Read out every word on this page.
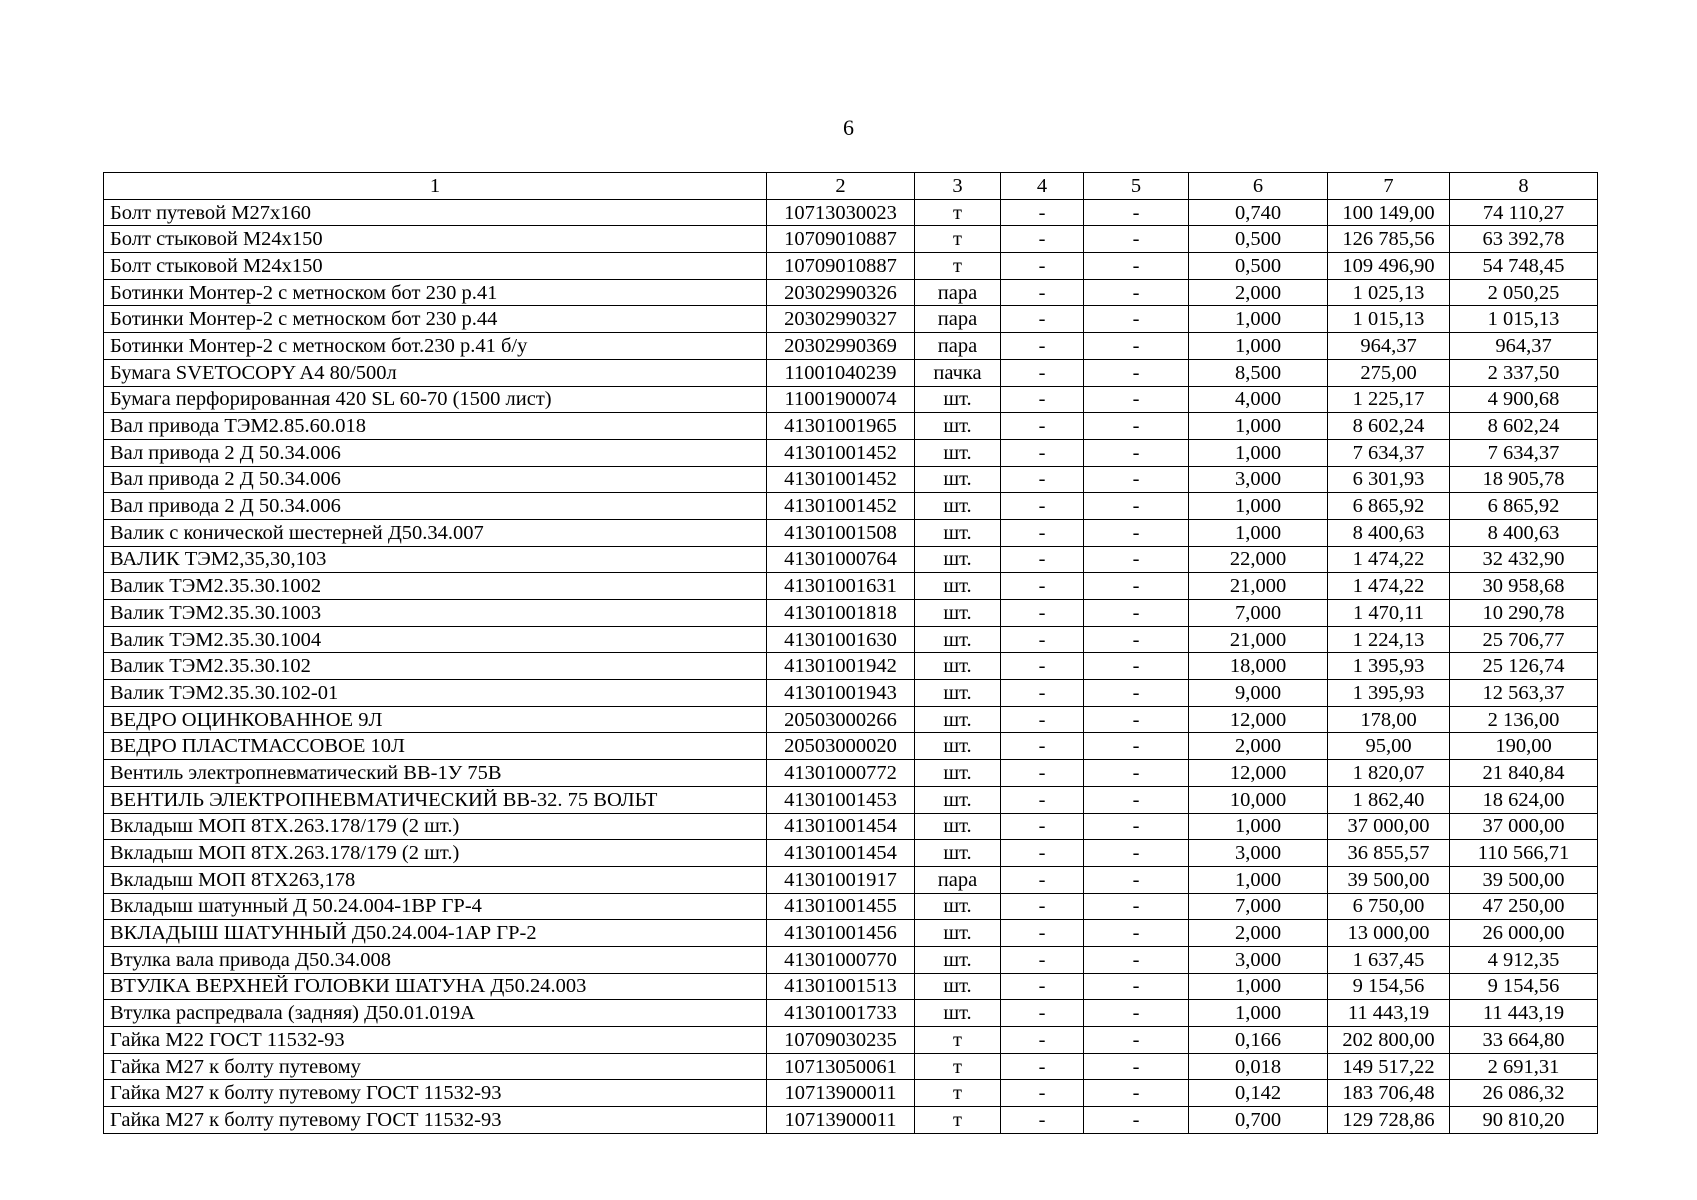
6
1	2	3	4	5	6	7	8
Болт путевой М27х160	10713030023	т	-	-	0,740	100 149,00	74 110,27
Болт стыковой М24х150	10709010887	т	-	-	0,500	126 785,56	63 392,78
Болт стыковой М24х150	10709010887	т	-	-	0,500	109 496,90	54 748,45
Ботинки Монтер-2 с метноском бот 230 р.41	20302990326	пара	-	-	2,000	1 025,13	2 050,25
Ботинки Монтер-2 с метноском бот 230 р.44	20302990327	пара	-	-	1,000	1 015,13	1 015,13
Ботинки Монтер-2 с метноском бот.230 р.41 б/у	20302990369	пара	-	-	1,000	964,37	964,37
Бумага SVETOCOPY A4 80/500л	11001040239	пачка	-	-	8,500	275,00	2 337,50
Бумага перфорированная 420 SL 60-70 (1500 лист)	11001900074	шт.	-	-	4,000	1 225,17	4 900,68
Вал привода ТЭМ2.85.60.018	41301001965	шт.	-	-	1,000	8 602,24	8 602,24
Вал привода 2 Д 50.34.006	41301001452	шт.	-	-	1,000	7 634,37	7 634,37
Вал привода 2 Д 50.34.006	41301001452	шт.	-	-	3,000	6 301,93	18 905,78
Вал привода 2 Д 50.34.006	41301001452	шт.	-	-	1,000	6 865,92	6 865,92
Валик с конической шестерней Д50.34.007	41301001508	шт.	-	-	1,000	8 400,63	8 400,63
ВАЛИК ТЭМ2,35,30,103	41301000764	шт.	-	-	22,000	1 474,22	32 432,90
Валик ТЭМ2.35.30.1002	41301001631	шт.	-	-	21,000	1 474,22	30 958,68
Валик ТЭМ2.35.30.1003	41301001818	шт.	-	-	7,000	1 470,11	10 290,78
Валик ТЭМ2.35.30.1004	41301001630	шт.	-	-	21,000	1 224,13	25 706,77
Валик ТЭМ2.35.30.102	41301001942	шт.	-	-	18,000	1 395,93	25 126,74
Валик ТЭМ2.35.30.102-01	41301001943	шт.	-	-	9,000	1 395,93	12 563,37
ВЕДРО ОЦИНКОВАННОЕ 9Л	20503000266	шт.	-	-	12,000	178,00	2 136,00
ВЕДРО ПЛАСТМАССОВОЕ 10Л	20503000020	шт.	-	-	2,000	95,00	190,00
Вентиль электропневматический ВВ-1У 75В	41301000772	шт.	-	-	12,000	1 820,07	21 840,84
ВЕНТИЛЬ ЭЛЕКТРОПНЕВМАТИЧЕСКИЙ ВВ-32. 75 ВОЛЬТ	41301001453	шт.	-	-	10,000	1 862,40	18 624,00
Вкладыш МОП 8ТХ.263.178/179 (2 шт.)	41301001454	шт.	-	-	1,000	37 000,00	37 000,00
Вкладыш МОП 8ТХ.263.178/179 (2 шт.)	41301001454	шт.	-	-	3,000	36 855,57	110 566,71
Вкладыш МОП 8ТХ263,178	41301001917	пара	-	-	1,000	39 500,00	39 500,00
Вкладыш шатунный Д 50.24.004-1ВР ГР-4	41301001455	шт.	-	-	7,000	6 750,00	47 250,00
ВКЛАДЫШ ШАТУННЫЙ Д50.24.004-1АР ГР-2	41301001456	шт.	-	-	2,000	13 000,00	26 000,00
Втулка вала привода Д50.34.008	41301000770	шт.	-	-	3,000	1 637,45	4 912,35
ВТУЛКА ВЕРХНЕЙ ГОЛОВКИ ШАТУНА Д50.24.003	41301001513	шт.	-	-	1,000	9 154,56	9 154,56
Втулка распредвала (задняя) Д50.01.019А	41301001733	шт.	-	-	1,000	11 443,19	11 443,19
Гайка М22 ГОСТ 11532-93	10709030235	т	-	-	0,166	202 800,00	33 664,80
Гайка М27 к болту путевому	10713050061	т	-	-	0,018	149 517,22	2 691,31
Гайка М27 к болту путевому ГОСТ 11532-93	10713900011	т	-	-	0,142	183 706,48	26 086,32
Гайка М27 к болту путевому ГОСТ 11532-93	10713900011	т	-	-	0,700	129 728,86	90 810,20
